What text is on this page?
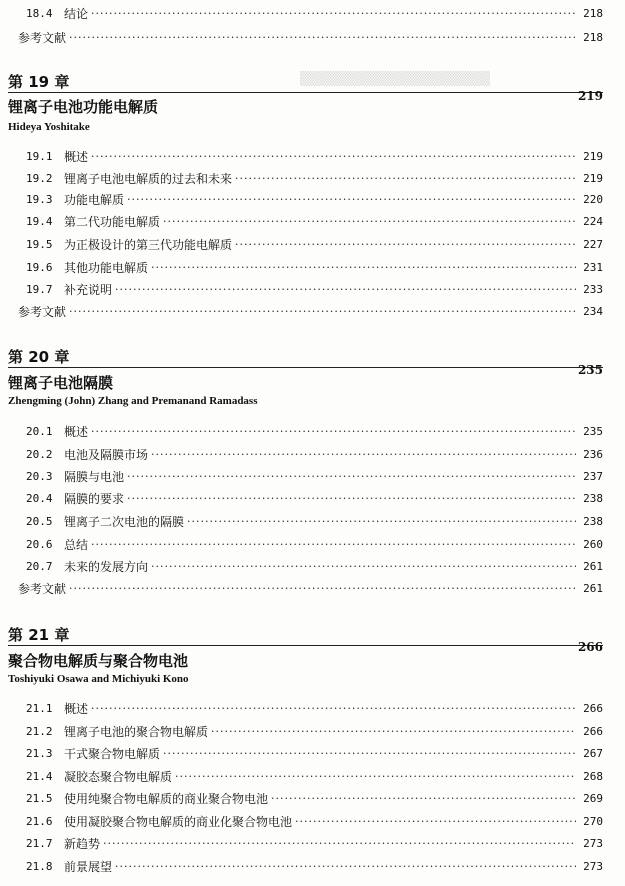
▒▒▒▒▒▒▒▒▒▒▒▒▒▒▒▒▒▒▒
18.4 结论 ·····	218
参考文献 ·····	218
第 19 章
219
锂离子电池功能电解质
Hideya Yoshitake
19.1 概述 ·····	219
19.2 锂离子电池电解质的过去和未来 ·····	219
19.3 功能电解质 ·····	220
19.4 第二代功能电解质 ·····	224
19.5 为正极设计的第三代功能电解质 ·····	227
19.6 其他功能电解质 ·····	231
19.7 补充说明 ·····	233
参考文献 ·····	234
第 20 章
235
锂离子电池隔膜
Zhengming (John) Zhang and Premanand Ramadass
20.1 概述 ·····	235
20.2 电池及隔膜市场 ·····	236
20.3 隔膜与电池 ·····	237
20.4 隔膜的要求 ·····	238
20.5 锂离子二次电池的隔膜 ·····	238
20.6 总结 ·····	260
20.7 未来的发展方向 ·····	261
参考文献 ·····	261
第 21 章
266
聚合物电解质与聚合物电池
Toshiyuki Osawa and Michiyuki Kono
21.1 概述 ·····	266
21.2 锂离子电池的聚合物电解质 ·····	266
21.3 干式聚合物电解质 ·····	267
21.4 凝胶态聚合物电解质 ·····	268
21.5 使用纯聚合物电解质的商业聚合物电池 ·····	269
21.6 使用凝胶聚合物电解质的商业化聚合物电池 ·····	270
21.7 新趋势 ·····	273
21.8 前景展望 ·····	273
